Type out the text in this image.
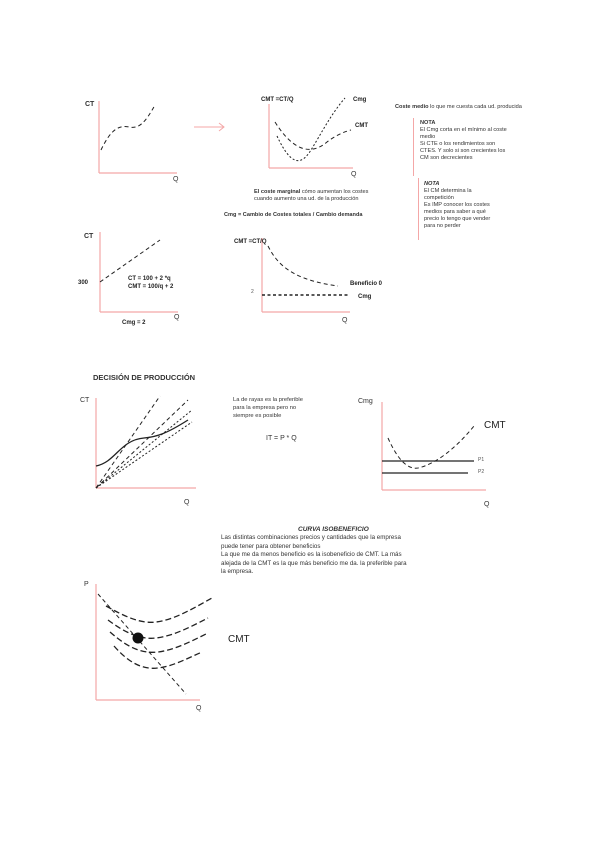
CT
Q
CMT =CT/Q	Cmg
CMT
Q
Coste medio lo que me cuesta cada ud. producida
NOTA
El Cmg corta en el mínimo al coste
medio
Si CTE o los rendimientos son
CTES. Y solo si son crecientes los
CM son decrecientes
El coste marginal cómo aumentan los costes
cuando aumento una ud. de la producción
Cmg = Cambio de Costes totales / Cambio demanda
NOTA
El CM determina la
competición
Es IMP conocer los costes
medios para saber a qué
precio lo tengo que vender
para no perder
CT
300
CT = 100 + 2 *q
CMT = 100/q + 2
Q
Cmg = 2
CMT =CT/Q
Beneficio 0
Cmg
2
Q
DECISIÓN DE PRODUCCIÓN
CT
Q
La de rayas es la preferible
para la empresa pero no
siempre es posible
IT = P * Q
Cmg
CMT
P1
P2
Q
CURVA ISOBENEFICIO
Las distintas combinaciones precios y cantidades que la empresa
puede tener para obtener beneficios
La que me da menos beneficio es la isobeneficio de CMT. La más
alejada de la CMT es la que más beneficio me da. la preferible para
la empresa.
P
Q
CMT
